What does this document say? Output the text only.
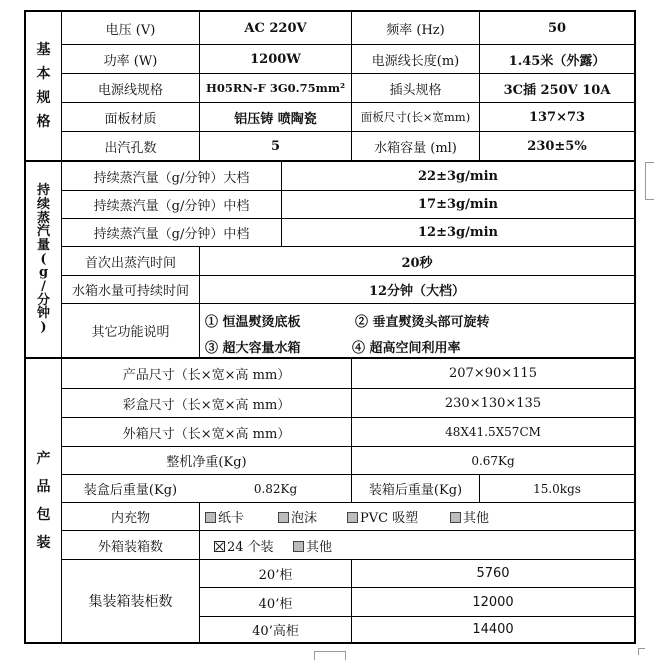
基
本
规
格
持
续
蒸
汽
量
(
g
/
分
钟
)
产
品
包
装
电压 (V)	AC 220V	频率 (Hz)	50
功率 (W)	1200W	电源线长度(m)	1.45米（外露）
电源线规格	H05RN-F 3G0.75mm²	插头规格	3C插 250V 10A
面板材质	铝压铸 喷陶瓷	面板尺寸(长×宽mm)	137×73
出汽孔数	5	水箱容量 (ml)	230±5%
持续蒸汽量（g/分钟）大档	22±3g/min
持续蒸汽量（g/分钟）中档	17±3g/min
持续蒸汽量（g/分钟）中档	12±3g/min
首次出蒸汽时间	20秒
水箱水量可持续时间	12分钟（大档）
其它功能说明
① 恒温熨烫底板	② 垂直熨烫头部可旋转
③ 超大容量水箱	④ 超高空间利用率
产品尺寸（长×宽×高 mm）	207×90×115
彩盒尺寸（长×宽×高 mm）	230×130×135
外箱尺寸（长×宽×高 mm）	48X41.5X57CM
整机净重(Kg)	0.67Kg
装盒后重量(Kg)	0.82Kg	装箱后重量(Kg)	15.0kgs
内充物	纸卡	泡沫	PVC 吸塑	其他
外箱装箱数	24 个装 其他
集装箱装柜数
20’柜	5760
40’柜	12000
40’高柜	14400
